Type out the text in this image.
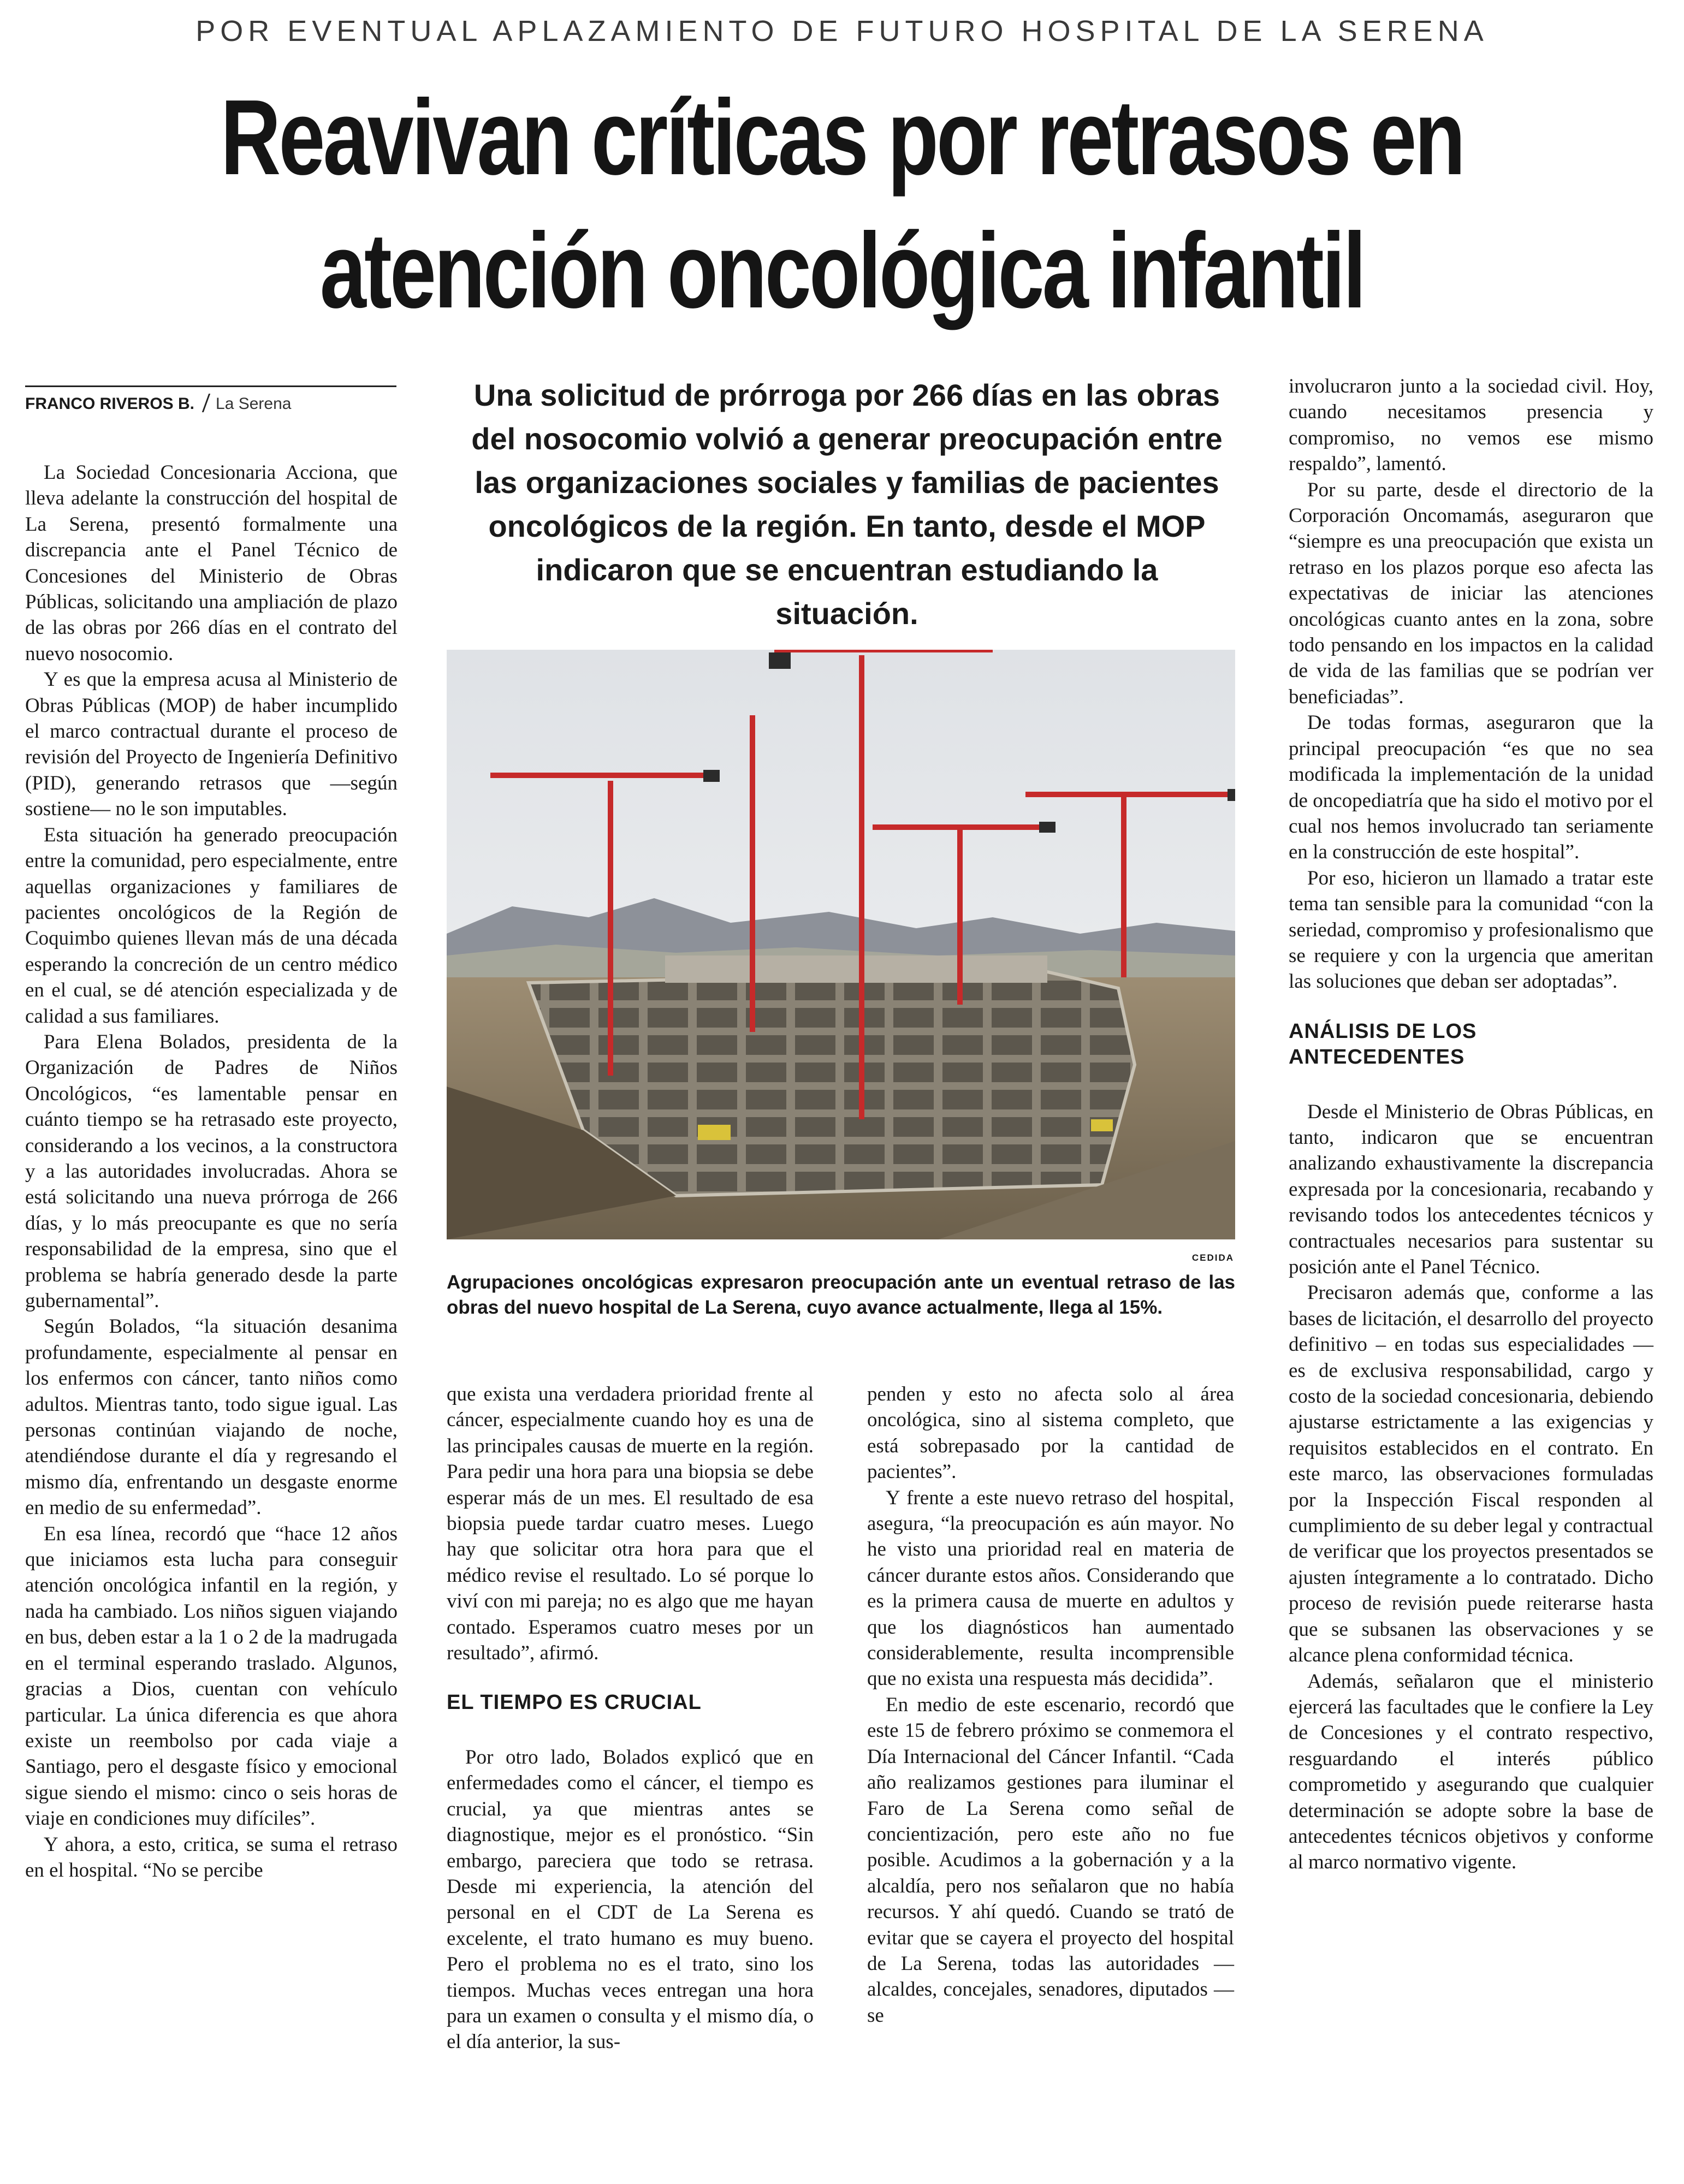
POR EVENTUAL APLAZAMIENTO DE FUTURO HOSPITAL DE LA SERENA
Reavivan críticas por retrasos en
atención oncológica infantil
FRANCO RIVEROS B. La Serena	Una solicitud de prórroga por 266 días en las obras del nosocomio volvió a generar preocupación entre las organizaciones sociales y familias de pacientes oncológicos de la región. En tanto, desde el MOP indicaron que se encuentran estudiando la situación.
CEDIDA
Agrupaciones oncológicas expresaron preocupación ante un eventual retraso de las obras del nuevo hospital de La Serena, cuyo avance actualmente, llega al 15%.

La Sociedad Concesionaria Acciona, que lleva adelante la construcción del hospital de La Serena, presentó formalmente una discrepancia ante el Panel Técnico de Concesiones del Ministerio de Obras Públicas, solicitando una ampliación de plazo de las obras por 266 días en el contrato del nuevo nosocomio.

Y es que la empresa acusa al Ministerio de Obras Públicas (MOP) de haber incumplido el marco contractual durante el proceso de revisión del Proyecto de Ingeniería Definitivo (PID), generando retrasos que —según sostiene— no le son imputables.

Esta situación ha generado preocupación entre la comunidad, pero especialmente, entre aquellas organizaciones y familiares de pacientes oncológicos de la Región de Coquimbo quienes llevan más de una década esperando la concreción de un centro médico en el cual, se dé atención especializada y de calidad a sus familiares.

Para Elena Bolados, presidenta de la Organización de Padres de Niños Oncológicos, “es lamentable pensar en cuánto tiempo se ha retrasado este proyecto, considerando a los vecinos, a la constructora y a las autoridades involucradas. Ahora se está solicitando una nueva prórroga de 266 días, y lo más preocupante es que no sería responsabilidad de la empresa, sino que el problema se habría generado desde la parte gubernamental”.

Según Bolados, “la situación desanima profundamente, especialmente al pensar en los enfermos con cáncer, tanto niños como adultos. Mientras tanto, todo sigue igual. Las personas continúan viajando de noche, atendiéndose durante el día y regresando el mismo día, enfrentando un desgaste enorme en medio de su enfermedad”.

En esa línea, recordó que “hace 12 años que iniciamos esta lucha para conseguir atención oncológica infantil en la región, y nada ha cambiado. Los niños siguen viajando en bus, deben estar a la 1 o 2 de la madrugada en el terminal esperando traslado. Algunos, gracias a Dios, cuentan con vehículo particular. La única diferencia es que ahora existe un reembolso por cada viaje a Santiago, pero el desgaste físico y emocional sigue siendo el mismo: cinco o seis horas de viaje en condiciones muy difíciles”.

Y ahora, a esto, critica, se suma el retraso en el hospital. “No se percibe

que exista una verdadera prioridad frente al cáncer, especialmente cuando hoy es una de las principales causas de muerte en la región. Para pedir una hora para una biopsia se debe esperar más de un mes. El resultado de esa biopsia puede tardar cuatro meses. Luego hay que solicitar otra hora para que el médico revise el resultado. Lo sé porque lo viví con mi pareja; no es algo que me hayan contado. Esperamos cuatro meses por un resultado”, afirmó.

EL TIEMPO ES CRUCIAL

Por otro lado, Bolados explicó que en enfermedades como el cáncer, el tiempo es crucial, ya que mientras antes se diagnostique, mejor es el pronóstico. “Sin embargo, pareciera que todo se retrasa. Desde mi experiencia, la atención del personal en el CDT de La Serena es excelente, el trato humano es muy bueno. Pero el problema no es el trato, sino los tiempos. Muchas veces entregan una hora para un examen o consulta y el mismo día, o el día anterior, la sus-

penden y esto no afecta solo al área oncológica, sino al sistema completo, que está sobrepasado por la cantidad de pacientes”.

Y frente a este nuevo retraso del hospital, asegura, “la preocupación es aún mayor. No he visto una prioridad real en materia de cáncer durante estos años. Considerando que es la primera causa de muerte en adultos y que los diagnósticos han aumentado considerablemente, resulta incomprensible que no exista una respuesta más decidida”.

En medio de este escenario, recordó que este 15 de febrero próximo se conmemora el Día Internacional del Cáncer Infantil. “Cada año realizamos gestiones para iluminar el Faro de La Serena como señal de concientización, pero este año no fue posible. Acudimos a la gobernación y a la alcaldía, pero nos señalaron que no había recursos. Y ahí quedó. Cuando se trató de evitar que se cayera el proyecto del hospital de La Serena, todas las autoridades — alcaldes, concejales, senadores, diputados — se

involucraron junto a la sociedad civil. Hoy, cuando necesitamos presencia y compromiso, no vemos ese mismo respaldo”, lamentó.

Por su parte, desde el directorio de la Corporación Oncomamás, aseguraron que “siempre es una preocupación que exista un retraso en los plazos porque eso afecta las expectativas de iniciar las atenciones oncológicas cuanto antes en la zona, sobre todo pensando en los impactos en la calidad de vida de las familias que se podrían ver beneficiadas”.

De todas formas, aseguraron que la principal preocupación “es que no sea modificada la implementación de la unidad de oncopediatría que ha sido el motivo por el cual nos hemos involucrado tan seriamente en la construcción de este hospital”.

Por eso, hicieron un llamado a tratar este tema tan sensible para la comunidad “con la seriedad, compromiso y profesionalismo que se requiere y con la urgencia que ameritan las soluciones que deban ser adoptadas”.

ANÁLISIS DE LOS ANTECEDENTES

Desde el Ministerio de Obras Públicas, en tanto, indicaron que se encuentran analizando exhaustivamente la discrepancia expresada por la concesionaria, recabando y revisando todos los antecedentes técnicos y contractuales necesarios para sustentar su posición ante el Panel Técnico.

Precisaron además que, conforme a las bases de licitación, el desarrollo del proyecto definitivo – en todas sus especialidades — es de exclusiva responsabilidad, cargo y costo de la sociedad concesionaria, debiendo ajustarse estrictamente a las exigencias y requisitos establecidos en el contrato. En este marco, las observaciones formuladas por la Inspección Fiscal responden al cumplimiento de su deber legal y contractual de verificar que los proyectos presentados se ajusten íntegramente a lo contratado. Dicho proceso de revisión puede reiterarse hasta que se subsanen las observaciones y se alcance plena conformidad técnica.

Además, señalaron que el ministerio ejercerá las facultades que le confiere la Ley de Concesiones y el contrato respectivo, resguardando el interés público comprometido y asegurando que cualquier determinación se adopte sobre la base de antecedentes técnicos objetivos y conforme al marco normativo vigente.
